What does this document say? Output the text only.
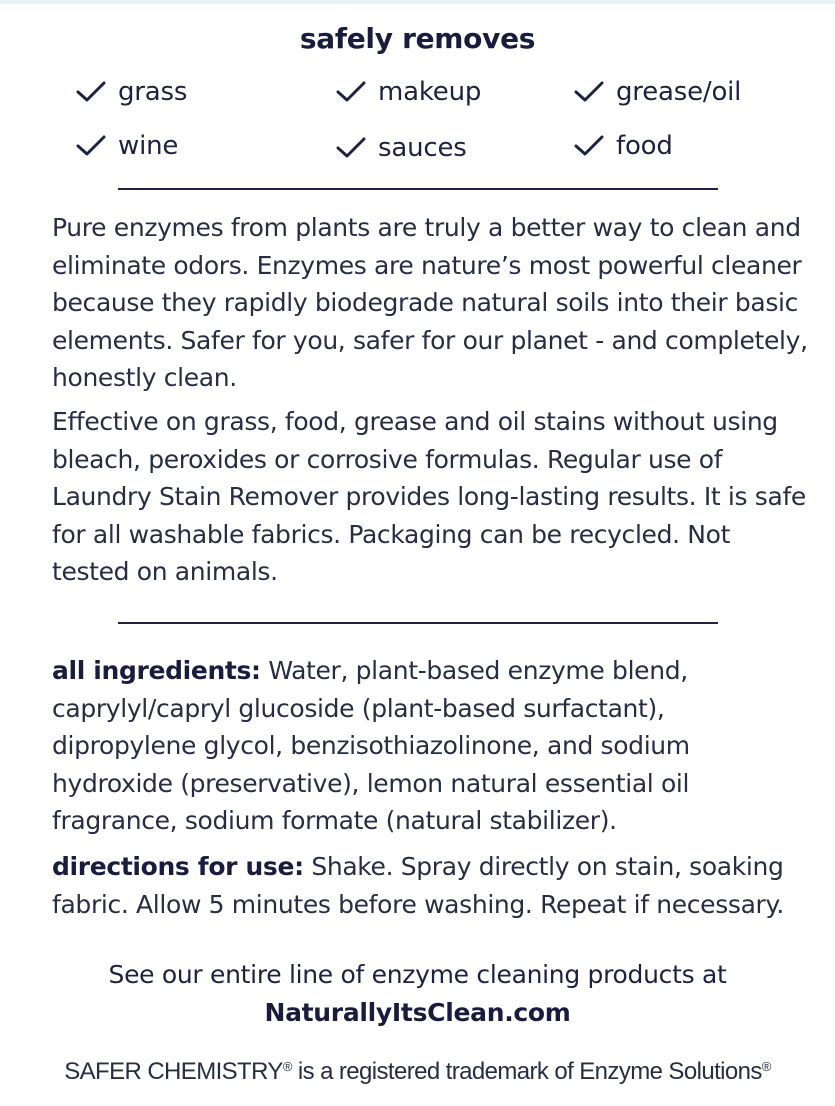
safely removes
grass	makeup	grease/oil
wine	sauces	food

Pure enzymes from plants are truly a better way to clean and eliminate odors. Enzymes are nature’s most powerful cleaner because they rapidly biodegrade natural soils into their basic elements. Safer for you, safer for our planet - and completely, honestly clean.

Effective on grass, food, grease and oil stains without using bleach, peroxides or corrosive formulas. Regular use of Laundry Stain Remover provides long-lasting results. It is safe for all washable fabrics. Packaging can be recycled. Not tested on animals.

all ingredients: Water, plant-based enzyme blend, caprylyl/capryl glucoside (plant-based surfactant), dipropylene glycol, benzisothiazolinone, and sodium hydroxide (preservative), lemon natural essential oil fragrance, sodium formate (natural stabilizer).

directions for use: Shake. Spray directly on stain, soaking fabric. Allow 5 minutes before washing. Repeat if necessary.

See our entire line of enzyme cleaning products at
NaturallyItsClean.com
SAFER CHEMISTRY® is a registered trademark of Enzyme Solutions®
